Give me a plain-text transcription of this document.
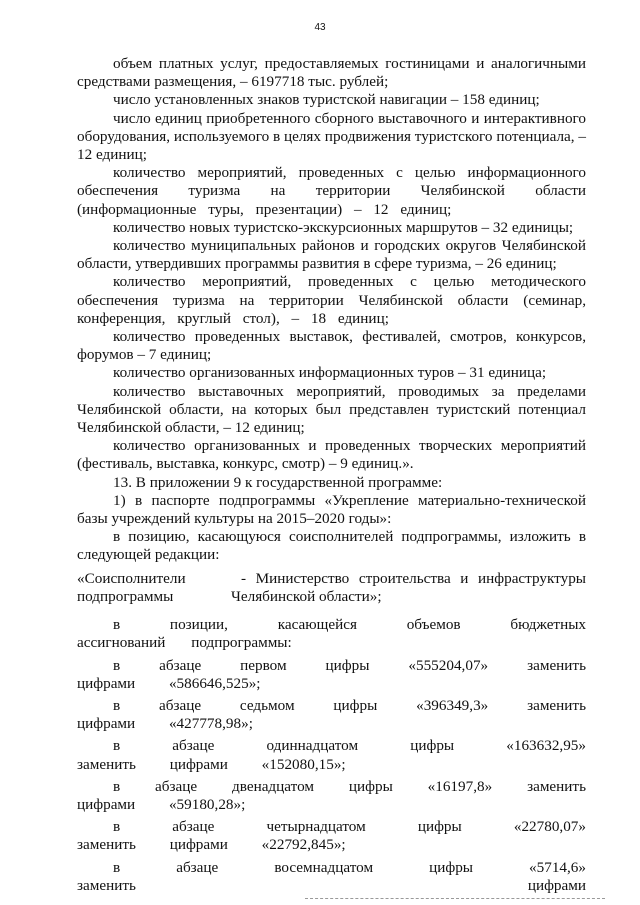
43

объем платных услуг, предоставляемых гостиницами и аналогичными средствами размещения, – 6197718 тыс. рублей;

число установленных знаков туристской навигации – 158 единиц;

число единиц приобретенного сборного выставочного и интерактивного оборудования, используемого в целях продвижения туристского потенциала, – 12 единиц;

количество мероприятий, проведенных с целью информационного обеспечения туризма на территории Челябинской области (информационные туры, презентации) – 12 единиц;

количество новых туристско-экскурсионных маршрутов – 32 единицы;

количество муниципальных районов и городских округов Челябинской области, утвердивших программы развития в сфере туризма, – 26 единиц;

количество мероприятий, проведенных с целью методического обеспечения туризма на территории Челябинской области (семинар, конференция, круглый стол), – 18 единиц;

количество проведенных выставок, фестивалей, смотров, конкурсов, форумов – 7 единиц;

количество организованных информационных туров – 31 единица;

количество выставочных мероприятий, проводимых за пределами Челябинской области, на которых был представлен туристский потенциал Челябинской области, – 12 единиц;

количество организованных и проведенных творческих мероприятий (фестиваль, выставка, конкурс, смотр) – 9 единиц.».

13. В приложении 9 к государственной программе:

1) в паспорте подпрограммы «Укрепление материально-технической базы учреждений культуры на 2015–2020 годы»:

в позицию, касающуюся соисполнителей подпрограммы, изложить в следующей редакции:

«Соисполнители подпрограммы
- Министерство строительства и инфраструктуры Челябинской области»;

в позиции, касающейся объемов бюджетных ассигнований подпрограммы:

в абзаце первом цифры «555204,07» заменить цифрами «586646,525»;

в абзаце седьмом цифры «396349,3» заменить цифрами «427778,98»;

в абзаце одиннадцатом цифры «163632,95» заменить цифрами «152080,15»;

в абзаце двенадцатом цифры «16197,8» заменить цифрами «59180,28»;

в абзаце четырнадцатом цифры «22780,07» заменить цифрами «22792,845»;

в абзаце восемнадцатом цифры «5714,6» заменить цифрами
